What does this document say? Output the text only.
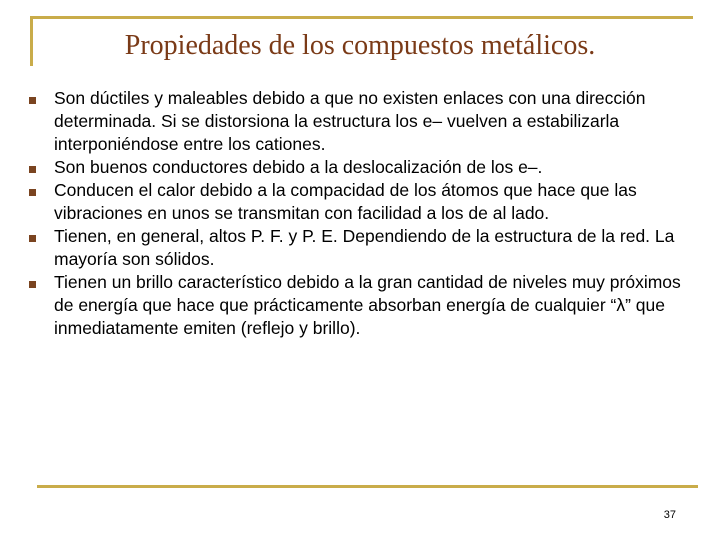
Propiedades de los compuestos metálicos.
Son dúctiles y maleables debido a que no existen enlaces con una dirección determinada. Si se distorsiona la estructura los e– vuelven a estabilizarla interponiéndose entre los cationes.
Son buenos conductores debido a la deslocalización de los e–.
Conducen el calor debido a la compacidad de los átomos que hace que las vibraciones en unos se transmitan con facilidad a los de al lado.
Tienen, en general, altos P. F. y P. E. Dependiendo de la estructura de la red. La mayoría son sólidos.
Tienen un brillo característico debido a la gran cantidad de niveles muy próximos de energía que hace que prácticamente absorban energía de cualquier “λ” que inmediatamente emiten (reflejo y brillo).
37
